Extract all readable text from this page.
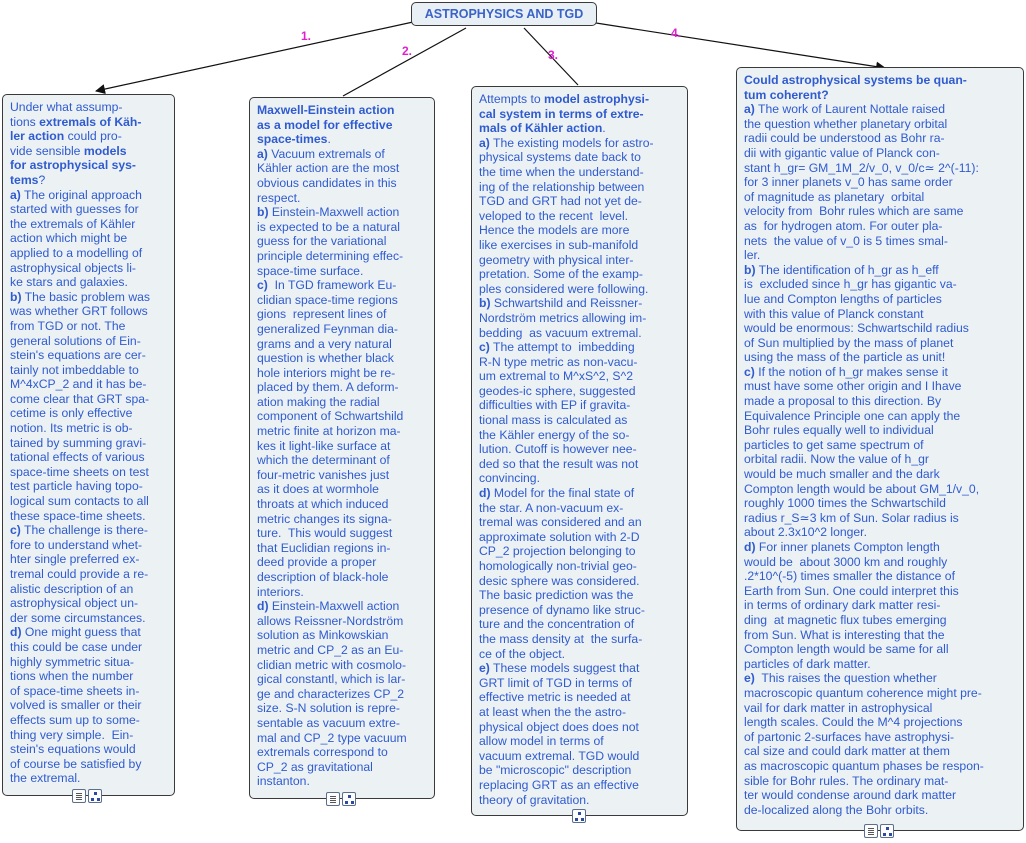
ASTROPHYSICS AND TGD
1.
2.	3.
4.
Under what assump-
tions extremals of Käh-
ler action could pro-
vide sensible models
for astrophysical sys-
tems?
a) The original approach
started with guesses for
the extremals of Kähler
action which might be
applied to a modelling of
astrophysical objects li-
ke stars and galaxies.
b) The basic problem was
was whether GRT follows
from TGD or not. The
general solutions of Ein-
stein's equations are cer-
tainly not imbeddable to
M^4xCP_2 and it has be-
come clear that GRT spa-
cetime is only effective
notion. Its metric is ob-
tained by summing gravi-
tational effects of various
space-time sheets on test
test particle having topo-
logical sum contacts to all
these space-time sheets.
c) The challenge is there-
fore to understand whet-
hter single preferred ex-
tremal could provide a re-
alistic description of an
astrophysical object un-
der some circumstances.
d) One might guess that
this could be case under
highly symmetric situa-
tions when the number
of space-time sheets in-
volved is smaller or their
effects sum up to some-
thing very simple.  Ein-
stein's equations would
of course be satisfied by
the extremal.
Maxwell-Einstein action
as a model for effective
space-times.
a) Vacuum extremals of
Kähler action are the most
obvious candidates in this
respect.
b) Einstein-Maxwell action
is expected to be a natural
guess for the variational
principle determining effec-
space-time surface.
c)  In TGD framework Eu-
clidian space-time regions
gions  represent lines of
generalized Feynman dia-
grams and a very natural
question is whether black
hole interiors might be re-
placed by them. A deform-
ation making the radial
component of Schwartshild
metric finite at horizon ma-
kes it light-like surface at
which the determinant of
four-metric vanishes just
as it does at wormhole
throats at which induced
metric changes its signa-
ture.  This would suggest
that Euclidian regions in-
deed provide a proper
description of black-hole
interiors.
d) Einstein-Maxwell action
allows Reissner-Nordström
solution as Minkowskian
metric and CP_2 as an Eu-
clidian metric with cosmolo-
gical constantl, which is lar-
ge and characterizes CP_2
size. S-N solution is repre-
sentable as vacuum extre-
mal and CP_2 type vacuum
extremals correspond to
CP_2 as gravitational
instanton.
Attempts to model astrophysi-
cal system in terms of extre-
mals of Kähler action.
a) The existing models for astro-
physical systems date back to
the time when the understand-
ing of the relationship between
TGD and GRT had not yet de-
veloped to the recent  level.
Hence the models are more
like exercises in sub-manifold
geometry with physical inter-
pretation. Some of the examp-
ples considered were following.
b) Schwartshild and Reissner-
Nordström metrics allowing im-
bedding  as vacuum extremal.
c) The attempt to  imbedding
R-N type metric as non-vacu-
um extremal to M^xS^2, S^2
geodes-ic sphere, suggested
difficulties with EP if gravita-
tional mass is calculated as
the Kähler energy of the so-
lution. Cutoff is however nee-
ded so that the result was not
convincing.
d) Model for the final state of
the star. A non-vacuum ex-
tremal was considered and an
approximate solution with 2-D
CP_2 projection belonging to
homologically non-trivial geo-
desic sphere was considered.
The basic prediction was the
presence of dynamo like struc-
ture and the concentration of
the mass density at  the surfa-
ce of the object.
e) These models suggest that
GRT limit of TGD in terms of
effective metric is needed at
at least when the the astro-
physical object does does not
allow model in terms of
vacuum extremal. TGD would
be "microscopic" description
replacing GRT as an effective
theory of gravitation.
Could astrophysical systems be quan-
tum coherent?
a) The work of Laurent Nottale raised
the question whether planetary orbital
radii could be understood as Bohr ra-
dii with gigantic value of Planck con-
stant h_gr= GM_1M_2/v_0, v_0/c≃ 2^(-11):
for 3 inner planets v_0 has same order
of magnitude as planetary  orbital
velocity from  Bohr rules which are same
as  for hydrogen atom. For outer pla-
nets  the value of v_0 is 5 times smal-
ler.
b) The identification of h_gr as h_eff
is  excluded since h_gr has gigantic va-
lue and Compton lengths of particles
with this value of Planck constant
would be enormous: Schwartschild radius
of Sun multiplied by the mass of planet
using the mass of the particle as unit!
c) If the notion of h_gr makes sense it
must have some other origin and I Ihave
made a proposal to this direction. By
Equivalence Principle one can apply the
Bohr rules equally well to individual
particles to get same spectrum of
orbital radii. Now the value of h_gr
would be much smaller and the dark
Compton length would be about GM_1/v_0,
roughly 1000 times the Schwartschild
radius r_S≃3 km of Sun. Solar radius is
about 2.3x10^2 longer.
d) For inner planets Compton length
would be  about 3000 km and roughly
.2*10^(-5) times smaller the distance of
Earth from Sun. One could interpret this
in terms of ordinary dark matter resi-
ding  at magnetic flux tubes emerging
from Sun. What is interesting that the
Compton length would be same for all
particles of dark matter.
e)  This raises the question whether
macroscopic quantum coherence might pre-
vail for dark matter in astrophysical
length scales. Could the M^4 projections
of partonic 2-surfaces have astrophysi-
cal size and could dark matter at them
as macroscopic quantum phases be respon-
sible for Bohr rules. The ordinary mat-
ter would condense around dark matter
de-localized along the Bohr orbits.
